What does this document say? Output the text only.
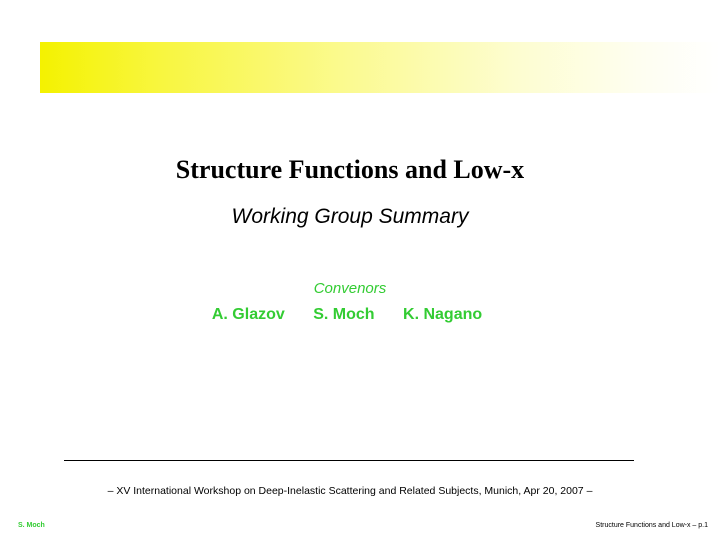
Structure Functions and Low-x
Working Group Summary
Convenors
A. Glazov S. Moch K. Nagano
– XV International Workshop on Deep-Inelastic Scattering and Related Subjects, Munich, Apr 20, 2007 –
S. Moch	Structure Functions and Low-x – p.1
